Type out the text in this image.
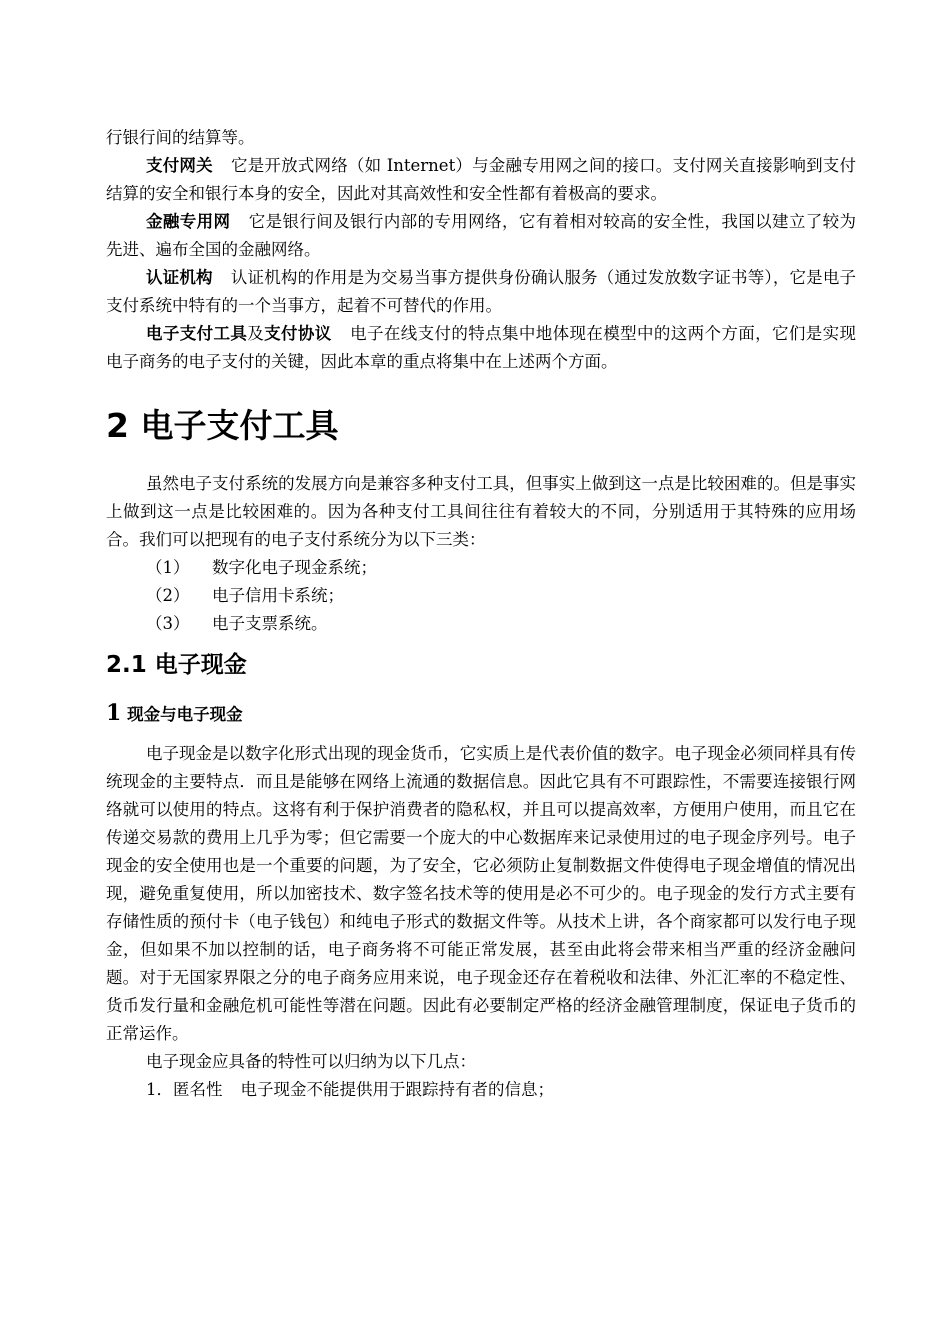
行银行间的结算等。

支付网关 它是开放式网络（如 Internet）与金融专用网之间的接口。支付网关直接影响到支付结算的安全和银行本身的安全，因此对其高效性和安全性都有着极高的要求。

金融专用网 它是银行间及银行内部的专用网络，它有着相对较高的安全性，我国以建立了较为先进、遍布全国的金融网络。

认证机构 认证机构的作用是为交易当事方提供身份确认服务（通过发放数字证书等），它是电子支付系统中特有的一个当事方，起着不可替代的作用。

电子支付工具及支付协议 电子在线支付的特点集中地体现在模型中的这两个方面，它们是实现电子商务的电子支付的关键，因此本章的重点将集中在上述两个方面。

2 电子支付工具

虽然电子支付系统的发展方向是兼容多种支付工具，但事实上做到这一点是比较困难的。但是事实上做到这一点是比较困难的。因为各种支付工具间往往有着较大的不同，分别适用于其特殊的应用场合。我们可以把现有的电子支付系统分为以下三类：

（1） 数字化电子现金系统；
（2） 电子信用卡系统；
（3） 电子支票系统。
2.1 电子现金
1 现金与电子现金

电子现金是以数字化形式出现的现金货币，它实质上是代表价值的数字。电子现金必须同样具有传统现金的主要特点．而且是能够在网络上流通的数据信息。因此它具有不可跟踪性，不需要连接银行网络就可以使用的特点。这将有利于保护消费者的隐私权，并且可以提高效率，方便用户使用，而且它在传递交易款的费用上几乎为零；但它需要一个庞大的中心数据库来记录使用过的电子现金序列号。电子现金的安全使用也是一个重要的问题，为了安全，它必须防止复制数据文件使得电子现金增值的情况出现，避免重复使用，所以加密技术、数字签名技术等的使用是必不可少的。电子现金的发行方式主要有存储性质的预付卡（电子钱包）和纯电子形式的数据文件等。从技术上讲，各个商家都可以发行电子现金，但如果不加以控制的话，电子商务将不可能正常发展，甚至由此将会带来相当严重的经济金融问题。对于无国家界限之分的电子商务应用来说，电子现金还存在着税收和法律、外汇汇率的不稳定性、货币发行量和金融危机可能性等潜在问题。因此有必要制定严格的经济金融管理制度，保证电子货币的正常运作。

电子现金应具备的特性可以归纳为以下几点：

1．匿名性 电子现金不能提供用于跟踪持有者的信息；
